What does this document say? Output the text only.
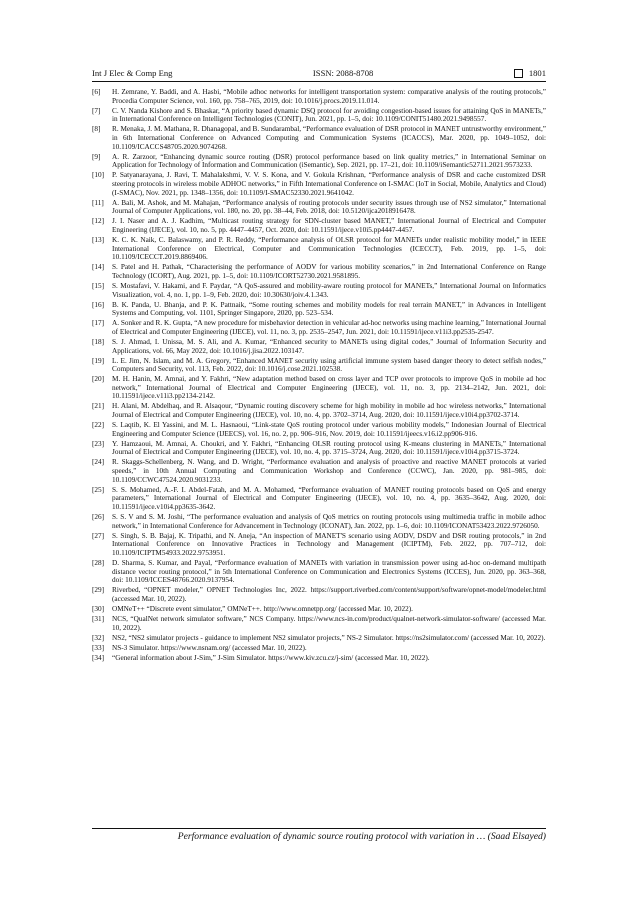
Int J Elec & Comp Eng	ISSN: 2088-8708	1801
[6]	H. Zemrane, Y. Baddi, and A. Hasbi, “Mobile adhoc networks for intelligent transportation system: comparative analysis of the routing protocols,” Procedia Computer Science, vol. 160, pp. 758–765, 2019, doi: 10.1016/j.procs.2019.11.014.
[7]	C. V. Nanda Kishore and S. Bhaskar, “A priority based dynamic DSQ protocol for avoiding congestion-based issues for attaining QoS in MANETs,” in International Conference on Intelligent Technologies (CONIT), Jun. 2021, pp. 1–5, doi: 10.1109/CONIT51480.2021.9498557.
[8]	R. Menaka, J. M. Mathana, R. Dhanagopal, and B. Sundarambal, “Performance evaluation of DSR protocol in MANET untrustworthy environment,” in 6th International Conference on Advanced Computing and Communication Systems (ICACCS), Mar. 2020, pp. 1049–1052, doi: 10.1109/ICACCS48705.2020.9074268.
[9]	A. R. Zarzoor, “Enhancing dynamic source routing (DSR) protocol performance based on link quality metrics,” in International Seminar on Application for Technology of Information and Communication (iSemantic), Sep. 2021, pp. 17–21, doi: 10.1109/iSemantic52711.2021.9573233.
[10]	P. Satyanarayana, J. Ravi, T. Mahalakshmi, V. V. S. Kona, and V. Gokula Krishnan, “Performance analysis of DSR and cache customized DSR steering protocols in wireless mobile ADHOC networks,” in Fifth International Conference on I-SMAC (IoT in Social, Mobile, Analytics and Cloud) (I-SMAC), Nov. 2021, pp. 1348–1356, doi: 10.1109/I-SMAC52330.2021.9641042.
[11]	A. Bali, M. Ashok, and M. Mahajan, “Performance analysis of routing protocols under security issues through use of NS2 simulator,” International Journal of Computer Applications, vol. 180, no. 20, pp. 38–44, Feb. 2018, doi: 10.5120/ijca2018916478.
[12]	J. I. Naser and A. J. Kadhim, “Multicast routing strategy for SDN-cluster based MANET,” International Journal of Electrical and Computer Engineering (IJECE), vol. 10, no. 5, pp. 4447–4457, Oct. 2020, doi: 10.11591/ijece.v10i5.pp4447-4457.
[13]	K. C. K. Naik, C. Balaswamy, and P. R. Reddy, “Performance analysis of OLSR protocol for MANETs under realistic mobility model,” in IEEE International Conference on Electrical, Computer and Communication Technologies (ICECCT), Feb. 2019, pp. 1–5, doi: 10.1109/ICECCT.2019.8869406.
[14]	S. Patel and H. Pathak, “Characterising the performance of AODV for various mobility scenarios,” in 2nd International Conference on Range Technology (ICORT), Aug. 2021, pp. 1–5, doi: 10.1109/ICORT52730.2021.9581895.
[15]	S. Mostafavi, V. Hakami, and F. Paydar, “A QoS-assured and mobility-aware routing protocol for MANETs,” International Journal on Informatics Visualization, vol. 4, no. 1, pp. 1–9, Feb. 2020, doi: 10.30630/joiv.4.1.343.
[16]	B. K. Panda, U. Bhanja, and P. K. Pattnaik, “Some routing schemes and mobility models for real terrain MANET,” in Advances in Intelligent Systems and Computing, vol. 1101, Springer Singapore, 2020, pp. 523–534.
[17]	A. Sonker and R. K. Gupta, “A new procedure for misbehavior detection in vehicular ad-hoc networks using machine learning,” International Journal of Electrical and Computer Engineering (IJECE), vol. 11, no. 3, pp. 2535–2547, Jun. 2021, doi: 10.11591/ijece.v11i3.pp2535-2547.
[18]	S. J. Ahmad, I. Unissa, M. S. Ali, and A. Kumar, “Enhanced security to MANETs using digital codes,” Journal of Information Security and Applications, vol. 66, May 2022, doi: 10.1016/j.jisa.2022.103147.
[19]	L. E. Jim, N. Islam, and M. A. Gregory, “Enhanced MANET security using artificial immune system based danger theory to detect selfish nodes,” Computers and Security, vol. 113, Feb. 2022, doi: 10.1016/j.cose.2021.102538.
[20]	M. H. Hanin, M. Amnai, and Y. Fakhri, “New adaptation method based on cross layer and TCP over protocols to improve QoS in mobile ad hoc network,” International Journal of Electrical and Computer Engineering (IJECE), vol. 11, no. 3, pp. 2134–2142, Jun. 2021, doi: 10.11591/ijece.v11i3.pp2134-2142.
[21]	H. Alani, M. Abdelhaq, and R. Alsaqour, “Dynamic routing discovery scheme for high mobility in mobile ad hoc wireless networks,” International Journal of Electrical and Computer Engineering (IJECE), vol. 10, no. 4, pp. 3702–3714, Aug. 2020, doi: 10.11591/ijece.v10i4.pp3702-3714.
[22]	S. Laqtib, K. El Yassini, and M. L. Hasnaoui, “Link-state QoS routing protocol under various mobility models,” Indonesian Journal of Electrical Engineering and Computer Science (IJEECS), vol. 16, no. 2, pp. 906–916, Nov. 2019, doi: 10.11591/ijeecs.v16.i2.pp906-916.
[23]	Y. Hamzaoui, M. Amnai, A. Choukri, and Y. Fakhri, “Enhancing OLSR routing protocol using K-means clustering in MANETs,” International Journal of Electrical and Computer Engineering (IJECE), vol. 10, no. 4, pp. 3715–3724, Aug. 2020, doi: 10.11591/ijece.v10i4.pp3715-3724.
[24]	R. Skaggs-Schellenberg, N. Wang, and D. Wright, “Performance evaluation and analysis of proactive and reactive MANET protocols at varied speeds,” in 10th Annual Computing and Communication Workshop and Conference (CCWC), Jan. 2020, pp. 981–985, doi: 10.1109/CCWC47524.2020.9031233.
[25]	S. S. Mohamed, A.-F. I. Abdel-Fatah, and M. A. Mohamed, “Performance evaluation of MANET routing protocols based on QoS and energy parameters,” International Journal of Electrical and Computer Engineering (IJECE), vol. 10, no. 4, pp. 3635–3642, Aug. 2020, doi: 10.11591/ijece.v10i4.pp3635-3642.
[26]	S. S. V and S. M. Joshi, “The performance evaluation and analysis of QoS metrics on routing protocols using multimedia traffic in mobile adhoc network,” in International Conference for Advancement in Technology (ICONAT), Jan. 2022, pp. 1–6, doi: 10.1109/ICONAT53423.2022.9726050.
[27]	S. Singh, S. B. Bajaj, K. Tripathi, and N. Aneja, “An inspection of MANET'S scenario using AODV, DSDV and DSR routing protocols,” in 2nd International Conference on Innovative Practices in Technology and Management (ICIPTM), Feb. 2022, pp. 707–712, doi: 10.1109/ICIPTM54933.2022.9753951.
[28]	D. Sharma, S. Kumar, and Payal, “Performance evaluation of MANETs with variation in transmission power using ad-hoc on-demand multipath distance vector routing protocol,” in 5th International Conference on Communication and Electronics Systems (ICCES), Jun. 2020, pp. 363–368, doi: 10.1109/ICCES48766.2020.9137954.
[29]	Riverbed, “OPNET modeler,” OPNET Technologies Inc, 2022. https://support.riverbed.com/content/support/software/opnet-model/modeler.html (accessed Mar. 10, 2022).
[30]	OMNeT++ “Discrete event simulator,” OMNeT++. http://www.omnetpp.org/ (accessed Mar. 10, 2022).
[31]	NCS, “QualNet network simulator software,” NCS Company. https://www.ncs-in.com/product/qualnet-network-simulator-software/ (accessed Mar. 10, 2022).
[32]	NS2, “NS2 simulator projects - guidance to implement NS2 simulator projects,” NS-2 Simulator. https://ns2simulator.com/ (accessed Mar. 10, 2022).
[33]	NS-3 Simulator. https://www.nsnam.org/ (accessed Mar. 10, 2022).
[34]	“General information about J-Sim,” J-Sim Simulator. https://www.kiv.zcu.cz/j-sim/ (accessed Mar. 10, 2022).
Performance evaluation of dynamic source routing protocol with variation in … (Saad Elsayed)
